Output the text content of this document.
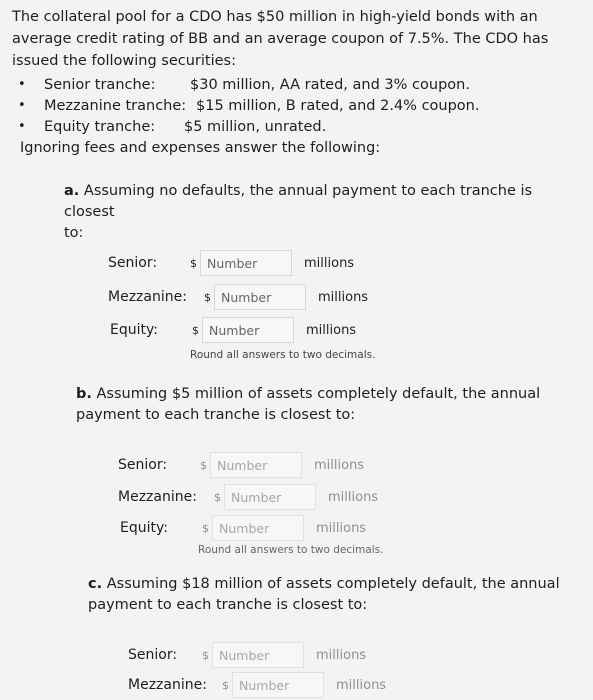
The collateral pool for a CDO has $50 million in high-yield bonds with an

average credit rating of BB and an average coupon of 7.5%. The CDO has

issued the following securities:

• Senior tranche: $30 million, AA rated, and 3% coupon.
• Mezzanine tranche: $15 million, B rated, and 2.4% coupon.
• Equity tranche: $5 million, unrated.

Ignoring fees and expenses answer the following:

a. Assuming no defaults, the annual payment to each tranche is closest

to:

Senior:	$ Number	millions
Mezzanine:	$ Number	millions
Equity:	$ Number	millions
Round all answers to two decimals.

b. Assuming $5 million of assets completely default, the annual

payment to each tranche is closest to:

Senior:	$ Number	millions
Mezzanine:	$ Number	millions
Equity:	$ Number	millions
Round all answers to two decimals.

c. Assuming $18 million of assets completely default, the annual

payment to each tranche is closest to:

Senior:	$ Number	millions
Mezzanine:	$ Number	millions
